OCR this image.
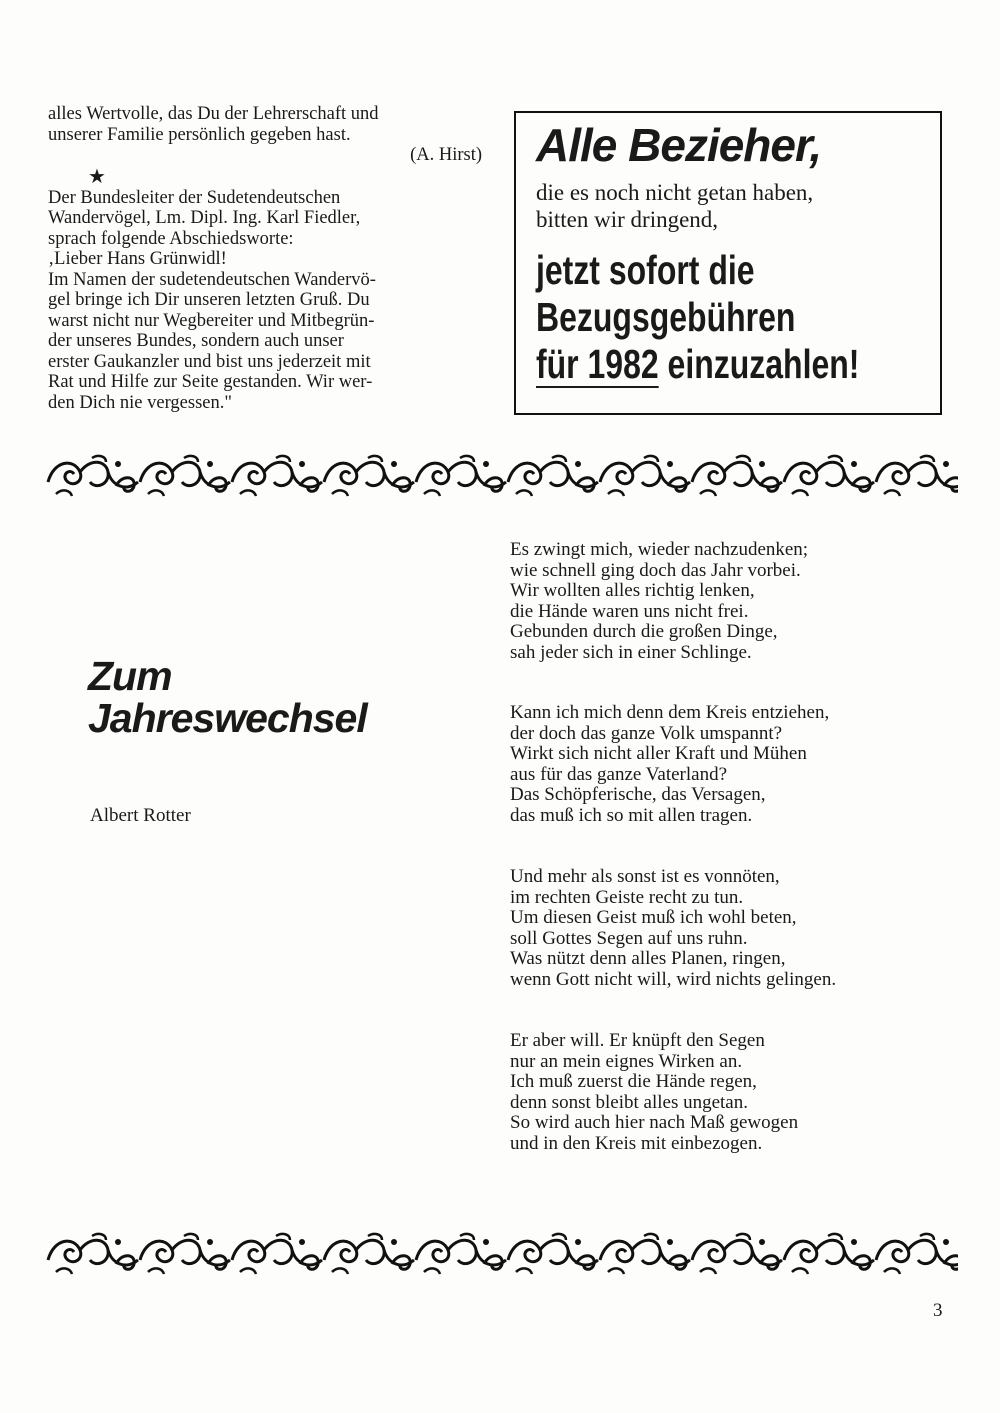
alles Wertvolle, das Du der Lehrerschaft und

unserer Familie persönlich gegeben hast.

(A. Hirst)

★

Der Bundesleiter der Sudetendeutschen

Wandervögel, Lm. Dipl. Ing. Karl Fiedler,

sprach folgende Abschiedsworte:

‚Lieber Hans Grünwidl!

Im Namen der sudetendeutschen Wandervö-

gel bringe ich Dir unseren letzten Gruß. Du

warst nicht nur Wegbereiter und Mitbegrün-

der unseres Bundes, sondern auch unser

erster Gaukanzler und bist uns jederzeit mit

Rat und Hilfe zur Seite gestanden. Wir wer-

den Dich nie vergessen."

Alle Bezieher,

die es noch nicht getan haben,
bitten wir dringend,

jetzt sofort die
Bezugsgebühren
für 1982 einzuzahlen!
Zum
Jahreswechsel
Albert Rotter
Es zwingt mich, wieder nachzudenken;
wie schnell ging doch das Jahr vorbei.
Wir wollten alles richtig lenken,
die Hände waren uns nicht frei.
Gebunden durch die großen Dinge,
sah jeder sich in einer Schlinge.
Kann ich mich denn dem Kreis entziehen,
der doch das ganze Volk umspannt?
Wirkt sich nicht aller Kraft und Mühen
aus für das ganze Vaterland?
Das Schöpferische, das Versagen,
das muß ich so mit allen tragen.
Und mehr als sonst ist es vonnöten,
im rechten Geiste recht zu tun.
Um diesen Geist muß ich wohl beten,
soll Gottes Segen auf uns ruhn.
Was nützt denn alles Planen, ringen,
wenn Gott nicht will, wird nichts gelingen.
Er aber will. Er knüpft den Segen
nur an mein eignes Wirken an.
Ich muß zuerst die Hände regen,
denn sonst bleibt alles ungetan.
So wird auch hier nach Maß gewogen
und in den Kreis mit einbezogen.
3
